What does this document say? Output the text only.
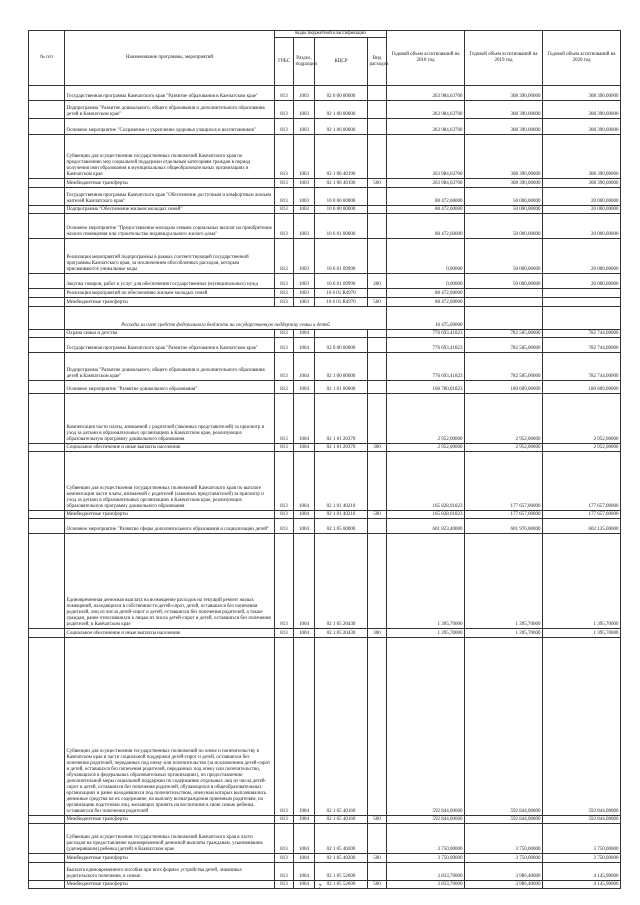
№ п/п	Наименование программы, мероприятий	Коды бюджетной классификации				Годовой объем ассигнований на 2018 год	Годовой объем ассигнований на 2019 год	Годовой объем ассигнований на 2020 год
		ГРБС	Раздел, подраздел	КЦСР	Вид расходов			
	Государственная программа Камчатского края "Развитие образования в Камчатском крае"	813	1003	02 0 00 00000		263 984,63700	308 390,00000	308 390,00000
	Подпрограмма "Развитие дошкольного, общего образования и дополнительного образования детей в Камчатском крае"	813	1003	02 1 00 00000		263 984,63700	308 390,00000	308 390,00000
	Основное мероприятие "Сохранение и укрепление здоровья учащихся и воспитанников"	813	1003	02 1 06 00000		263 984,63700	308 390,00000	308 390,00000
	Субвенции для осуществления государственных полномочий Камчатского края по предоставлению мер социальной поддержки отдельным категориям граждан в период получения ими образования в муниципальных общеобразовательных организациях в Камчатском крае	813	1003	02 1 06 40190		263 984,63700	308 390,00000	308 390,00000
	Межбюджетные трансферты	813	1003	02 1 06 40190	500	263 984,63700	308 390,00000	308 390,00000
	Государственная программа Камчатского края "Обеспечение доступным и комфортным жильем жителей Камчатского края"	813	1003	10 0 00 00000		88 472,60000	50 000,00000	20 000,00000
	Подпрограмма "Обеспечение жильем молодых семей"	813	1003	10 6 00 00000		88 472,60000	50 000,00000	20 000,00000
	Основное мероприятие "Предоставление молодым семьям социальных выплат на приобретение жилого помещения или строительство индивидуального жилого дома"	813	1003	10 6 01 00000		88 472,60000	50 000,00000	20 000,00000
	Реализация мероприятий подпрограммы в рамках соответствующей государственной программы Камчатского края, за исключением обособленных расходов, которым присваиваются уникальные коды	813	1003	10 6 01 09990		0,00000	50 000,00000	20 000,00000
	Закупка товаров, работ и услуг для обеспечения государственных (муниципальных) нужд	813	1003	10 6 01 09990	200	0,00000	50 000,00000	20 000,00000
	Реализация мероприятий по обеспечению жильем молодых семей	813	1003	10 6 01 R4970		88 472,60000		
	Межбюджетные трансферты	813	1003	10 6 01 R4970	500	88 472,60000		
	Расходы за счет средств федерального бюджета на государственную поддержку семьи и детей					16 475,00000		
	Охрана семьи и детства	813	1004			776 693,41823	782 585,00000	782 744,00000
	Государственная программа Камчатского края "Развитие образования в Камчатском крае"	813	1004	02 0 00 00000		776 693,41823	782 585,00000	782 744,00000
	Подпрограмма "Развитие дошкольного, общего образования и дополнительного образования детей в Камчатском крае"	813	1004	02 1 00 00000		776 693,41823	782 585,00000	782 744,00000
	Основное мероприятие "Развитие дошкольного образования"	813	1004	02 1 01 00000		168 780,01823	180 609,00000	180 609,00000
	Компенсация части платы, взимаемой с родителей (законных представителей) за присмотр и уход за детьми в образовательных организациях в Камчатском крае, реализующих образовательную программу дошкольного образования	813	1004	02 1 01 20370		2 952,00000	2 952,00000	2 952,00000
	Социальное обеспечение и иные выплаты населению	813	1004	02 1 01 20370	300	2 952,00000	2 952,00000	2 952,00000
	Субвенции для осуществления государственных полномочий Камчатского края по выплате компенсации части платы, взимаемой с родителей (законных представителей) за присмотр и уход за детьми в образовательных организациях в Камчатском крае, реализующих образовательную программу дошкольного образования	813	1004	02 1 01 40210		165 828,01823	177 657,00000	177 657,00000
	Межбюджетные трансферты	813	1004	02 1 01 40210	500	165 828,01823	177 657,00000	177 657,00000
	Основное мероприятие "Развитие сферы дополнительного образования и социализации детей"	813	1004	02 1 05 00000		601 823,40000	601 976,00000	602 135,00000
	Единовременная денежная выплата на возмещение расходов на текущий ремонт жилых помещений, находящихся в собственности детей-сирот, детей, оставшихся без попечения родителей, лиц из числа детей-сирот и детей, оставшихся без попечения родителей, а также граждан, ранее относившихся к лицам из числа детей-сирот и детей, оставшихся без попечения родителей, в Камчатском крае	813	1004	02 1 05 20430		1 395,70000	1 395,70000	1 395,70000
	Социальное обеспечение и иные выплаты населению	813	1004	02 1 05 20430	300	1 395,70000	1 395,70000	1 395,70000
	Субвенции для осуществления государственных полномочий по опеке и попечительству в Камчатском крае в части социальной поддержки детей-сирот и детей, оставшихся без попечения родителей, переданных под опеку или попечительство (за исключением детей-сирот и детей, оставшихся без попечения родителей, переданных под опеку или попечительство, обучающихся в федеральных образовательных организациях), по предоставлению дополнительной меры социальной поддержки по содержанию отдельных лиц из числа детей-сирот и детей, оставшихся без попечения родителей, обучающихся в общеобразовательных организациях и ранее находившихся под попечительством, опекунам которых выплачивались денежные средства на их содержание, на выплату вознаграждения приемным родителям, на организацию подготовки лиц, желающих принять на воспитание в свою семью ребенка, оставшегося без попечения родителей	813	1004	02 1 05 40160		592 844,00000	592 844,00000	592 844,00000
	Межбюджетные трансферты	813	1004	02 1 05 40160	500	592 844,00000	592 844,00000	592 844,00000
	Субвенции для осуществления государственных полномочий Камчатского края в части расходов на предоставление единовременной денежной выплаты гражданам, усыновившим (удочерившим) ребенка (детей) в Камчатском крае	813	1004	02 1 05 40200		3 750,00000	3 750,00000	3 750,00000
	Межбюджетные трансферты	813	1004	02 1 05 40200	500	3 750,00000	3 750,00000	3 750,00000
	Выплата единовременного пособия при всех формах устройства детей, лишенных родительского попечения, в семью	813	1004	02 1 05 52600		3 833,70000	3 986,40000	4 145,90000
	Межбюджетные трансферты	813	1004	02 1 05 52600	500	3 833,70000	3 986,40000	4 145,90000
7
